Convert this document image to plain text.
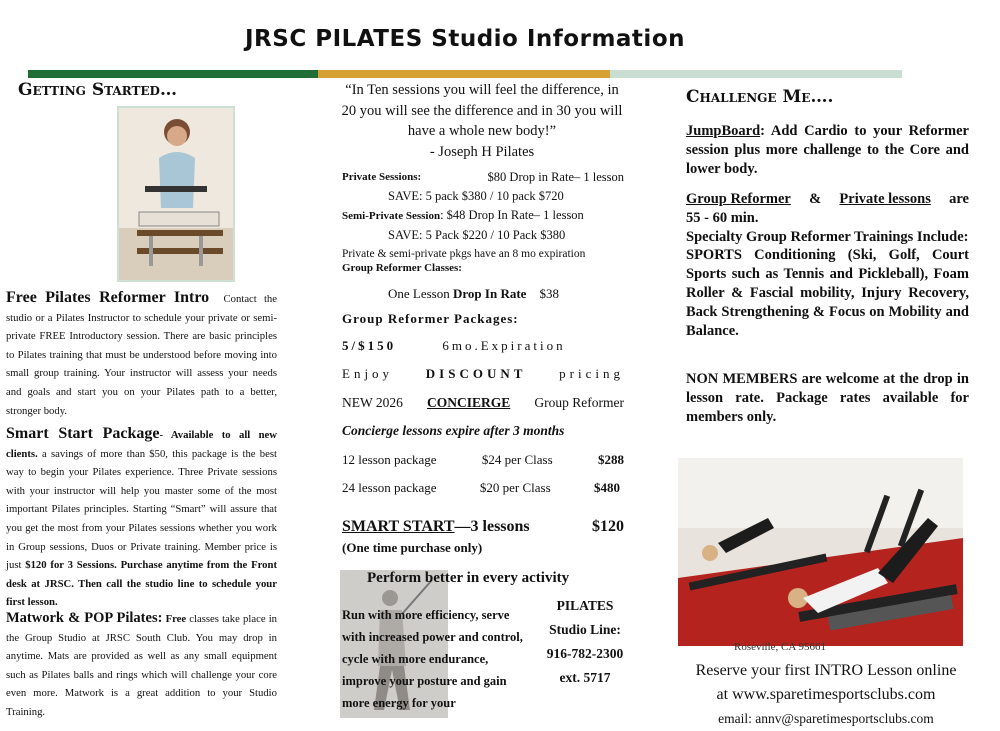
JRSC PILATES Studio Information
Getting Started…
Free Pilates Reformer Intro Contact the studio or a Pilates Instructor to schedule your private or semi-private FREE Introductory session. There are basic principles to Pilates training that must be understood before moving into small group training. Your instructor will assess your needs and goals and start you on your Pilates path to a better, stronger body.
Smart Start Package- Available to all new clients. a savings of more than $50, this package is the best way to begin your Pilates experience. Three Private sessions with your instructor will help you master some of the most important Pilates principles. Starting “Smart” will assure that you get the most from your Pilates sessions whether you work in Group sessions, Duos or Private training. Member price is just $120 for 3 Sessions. Purchase anytime from the Front desk at JRSC. Then call the studio line to schedule your first lesson.
Matwork & POP Pilates: Free classes take place in the Group Studio at JRSC South Club. You may drop in anytime. Mats are provided as well as any small equipment such as Pilates balls and rings which will challenge your core even more. Matwork is a great addition to your Studio Training.
“In Ten sessions you will feel the difference, in 20 you will see the difference and in 30 you will have a whole new body!”
- Joseph H Pilates
Private Sessions:	$80 Drop in Rate– 1 lesson
SAVE: 5 pack $380 / 10 pack $720
Semi-Private Session: $48 Drop In Rate– 1 lesson
SAVE: 5 Pack $220 / 10 Pack $380
Private & semi-private pkgs have an 8 mo expiration
Group Reformer Classes:
One Lesson Drop In Rate $38
Group Reformer Packages:
5/$150	6mo.Expiration
Enjoy	DISCOUNT	pricing
NEW 2026 CONCIERGE Group Reformer
Concierge lessons expire after 3 months
12 lesson package	$24 per Class	$288
24 lesson package	$20 per Class	$480
SMART START—3 lessons	$120
(One time purchase only)
Perform better in every activity
Run with more efficiency, serve with increased power and control, cycle with more endurance, improve your posture and gain more energy for your
PILATES
Studio Line:
916-782-2300
ext. 5717
Challenge Me….
JumpBoard: Add Cardio to your Reformer session plus more challenge to the Core and lower body.
Group Reformer & Private lessons are
55 - 60 min.
Specialty Group Reformer Trainings Include:
SPORTS Conditioning (Ski, Golf, Court Sports such as Tennis and Pickleball), Foam Roller & Fascial mobility, Injury Recovery, Back Strengthening & Focus on Mobility and Balance.
NON MEMBERS are welcome at the drop in lesson rate. Package rates available for members only.
Roseville, CA 95661
Reserve your first INTRO Lesson online
at www.sparetimesportsclubs.com
email: annv@sparetimesportsclubs.com
